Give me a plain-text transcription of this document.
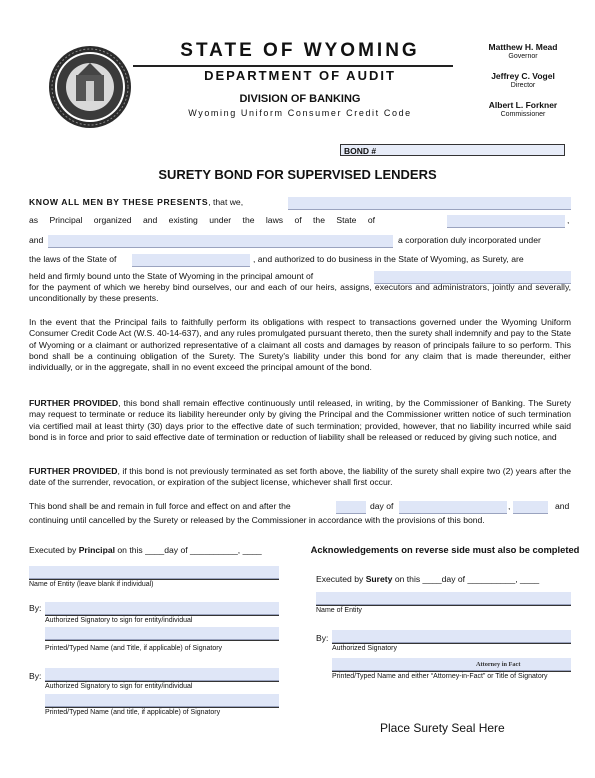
STATE OF WYOMING
DEPARTMENT OF AUDIT
DIVISION OF BANKING
Wyoming Uniform Consumer Credit Code
Matthew H. Mead
Governor
Jeffrey C. Vogel
Director
Albert L. Forkner
Commissioner
BOND #
SURETY BOND FOR SUPERVISED LENDERS
KNOW ALL MEN BY THESE PRESENTS, that we,
as Principal organized and existing under the laws of the State of	,
and	a corporation duly incorporated under
the laws of the State of	, and authorized to do business in the State of Wyoming, as Surety, are
held and firmly bound unto the State of Wyoming in the principal amount of
for the payment of which we hereby bind ourselves, our and each of our heirs, assigns, executors and administrators, jointly and severally, unconditionally by these presents.
In the event that the Principal fails to faithfully perform its obligations with respect to transactions governed under the Wyoming Uniform Consumer Credit Code Act (W.S. 40-14-637), and any rules promulgated pursuant thereto, then the surety shall indemnify and pay to the State of Wyoming or a claimant or authorized representative of a claimant all costs and damages by reason of principals failure to so perform. This bond shall be a continuing obligation of the Surety. The Surety's liability under this bond for any claim that is made thereunder, either individually, or in the aggregate, shall in no event exceed the principal amount of the bond.
FURTHER PROVIDED, this bond shall remain effective continuously until released, in writing, by the Commissioner of Banking. The Surety may request to terminate or reduce its liability hereunder only by giving the Principal and the Commissioner written notice of such termination via certified mail at least thirty (30) days prior to the effective date of such termination; provided, however, that no liability incurred while said bond is in force and prior to said effective date of termination or reduction of liability shall be released or reduced by giving such notice, and
FURTHER PROVIDED, if this bond is not previously terminated as set forth above, the liability of the surety shall expire two (2) years after the date of the surrender, revocation, or expiration of the subject license, whichever shall first occur.
This bond shall be and remain in full force and effect on and after the	day of	,	and
continuing until cancelled by the Surety or released by the Commissioner in accordance with the provisions of this bond.
Executed by Principal on this ____day of __________, ____
Name of Entity (leave blank if individual)
By:
Authorized Signatory to sign for entity/individual
Printed/Typed Name (and Title, if applicable) of Signatory
By:
Authorized Signatory to sign for entity/individual
Printed/Typed Name (and title, if applicable) of Signatory
Acknowledgements on reverse side must also be completed
Executed by Surety on this ____day of __________, ____
Name of Entity
By:
Authorized Signatory
Attorney in Fact
Printed/Typed Name and either “Attorney-in-Fact” or Title of Signatory
Place Surety Seal Here
